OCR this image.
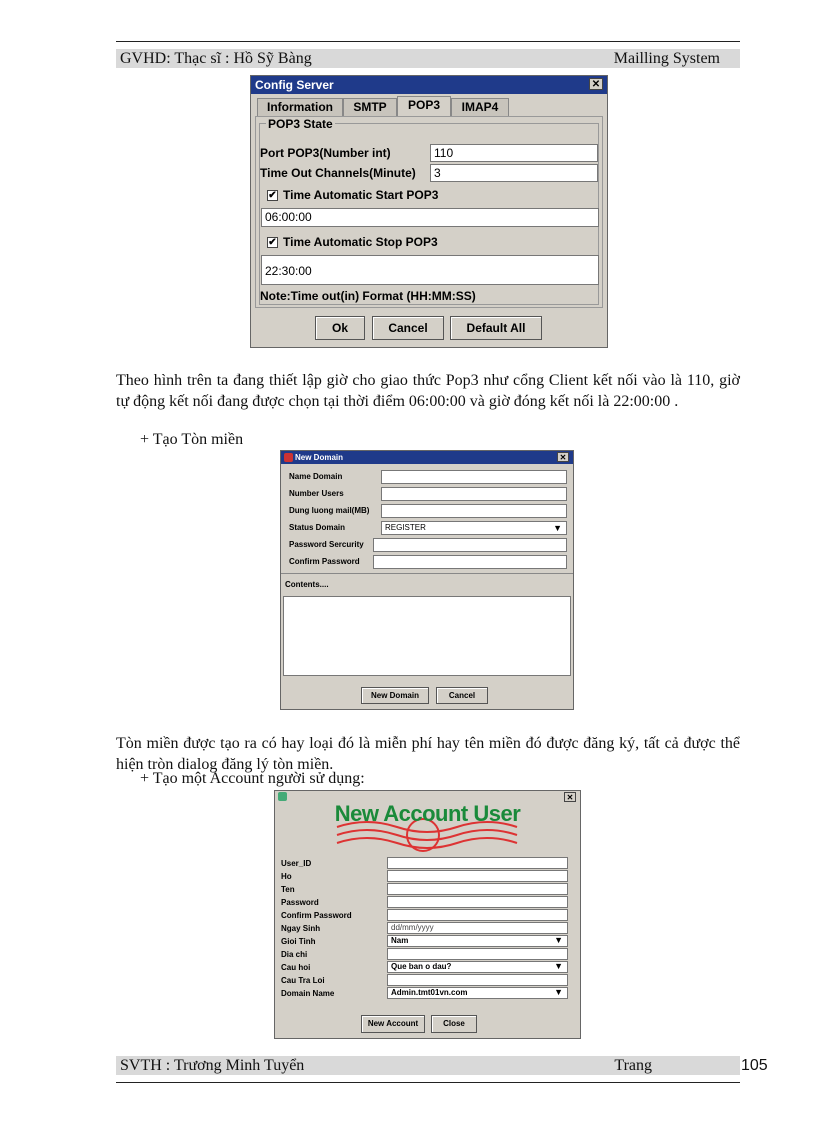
GVHD: Thạc sĩ : Hồ Sỹ Bàng	Mailling System
Config Server	✕
Information	SMTP	POP3	IMAP4
POP3 State
Port POP3(Number int)	110
Time Out Channels(Minute)	3
✔ Time Automatic Start POP3
06:00:00
✔ Time Automatic Stop POP3
22:30:00
Note:Time out(in) Format (HH:MM:SS)
Ok	Cancel	Default All
Theo hình trên ta đang thiết lập giờ cho giao thức Pop3 như cổng Client kết nối vào là 110, giờ tự động kết nối đang được chọn tại thời điểm 06:00:00 và giờ đóng kết nối là 22:00:00 .
+ Tạo Tòn miền
New Domain	✕
Name Domain
Number Users
Dung luong mail(MB)
Status Domain	REGISTER	▼
Password Sercurity
Confirm Password
Contents....
New Domain	Cancel
Tòn miền được tạo ra có hay loại đó là miễn phí hay tên miền đó được đăng ký, tất cả được thể hiện tròn dialog đăng lý tòn miền.
+ Tạo một Account người sử dụng:
✕
New Account User
User_ID
Ho
Ten
Password
Confirm Password
Ngay Sinh	dd/mm/yyyy
Gioi Tinh	Nam	▼
Dia chi
Cau hoi	Que ban o dau?	▼
Cau Tra Loi
Domain Name	Admin.tmt01vn.com	▼
New Account	Close
SVTH : Trương Minh Tuyển	Trang	105
